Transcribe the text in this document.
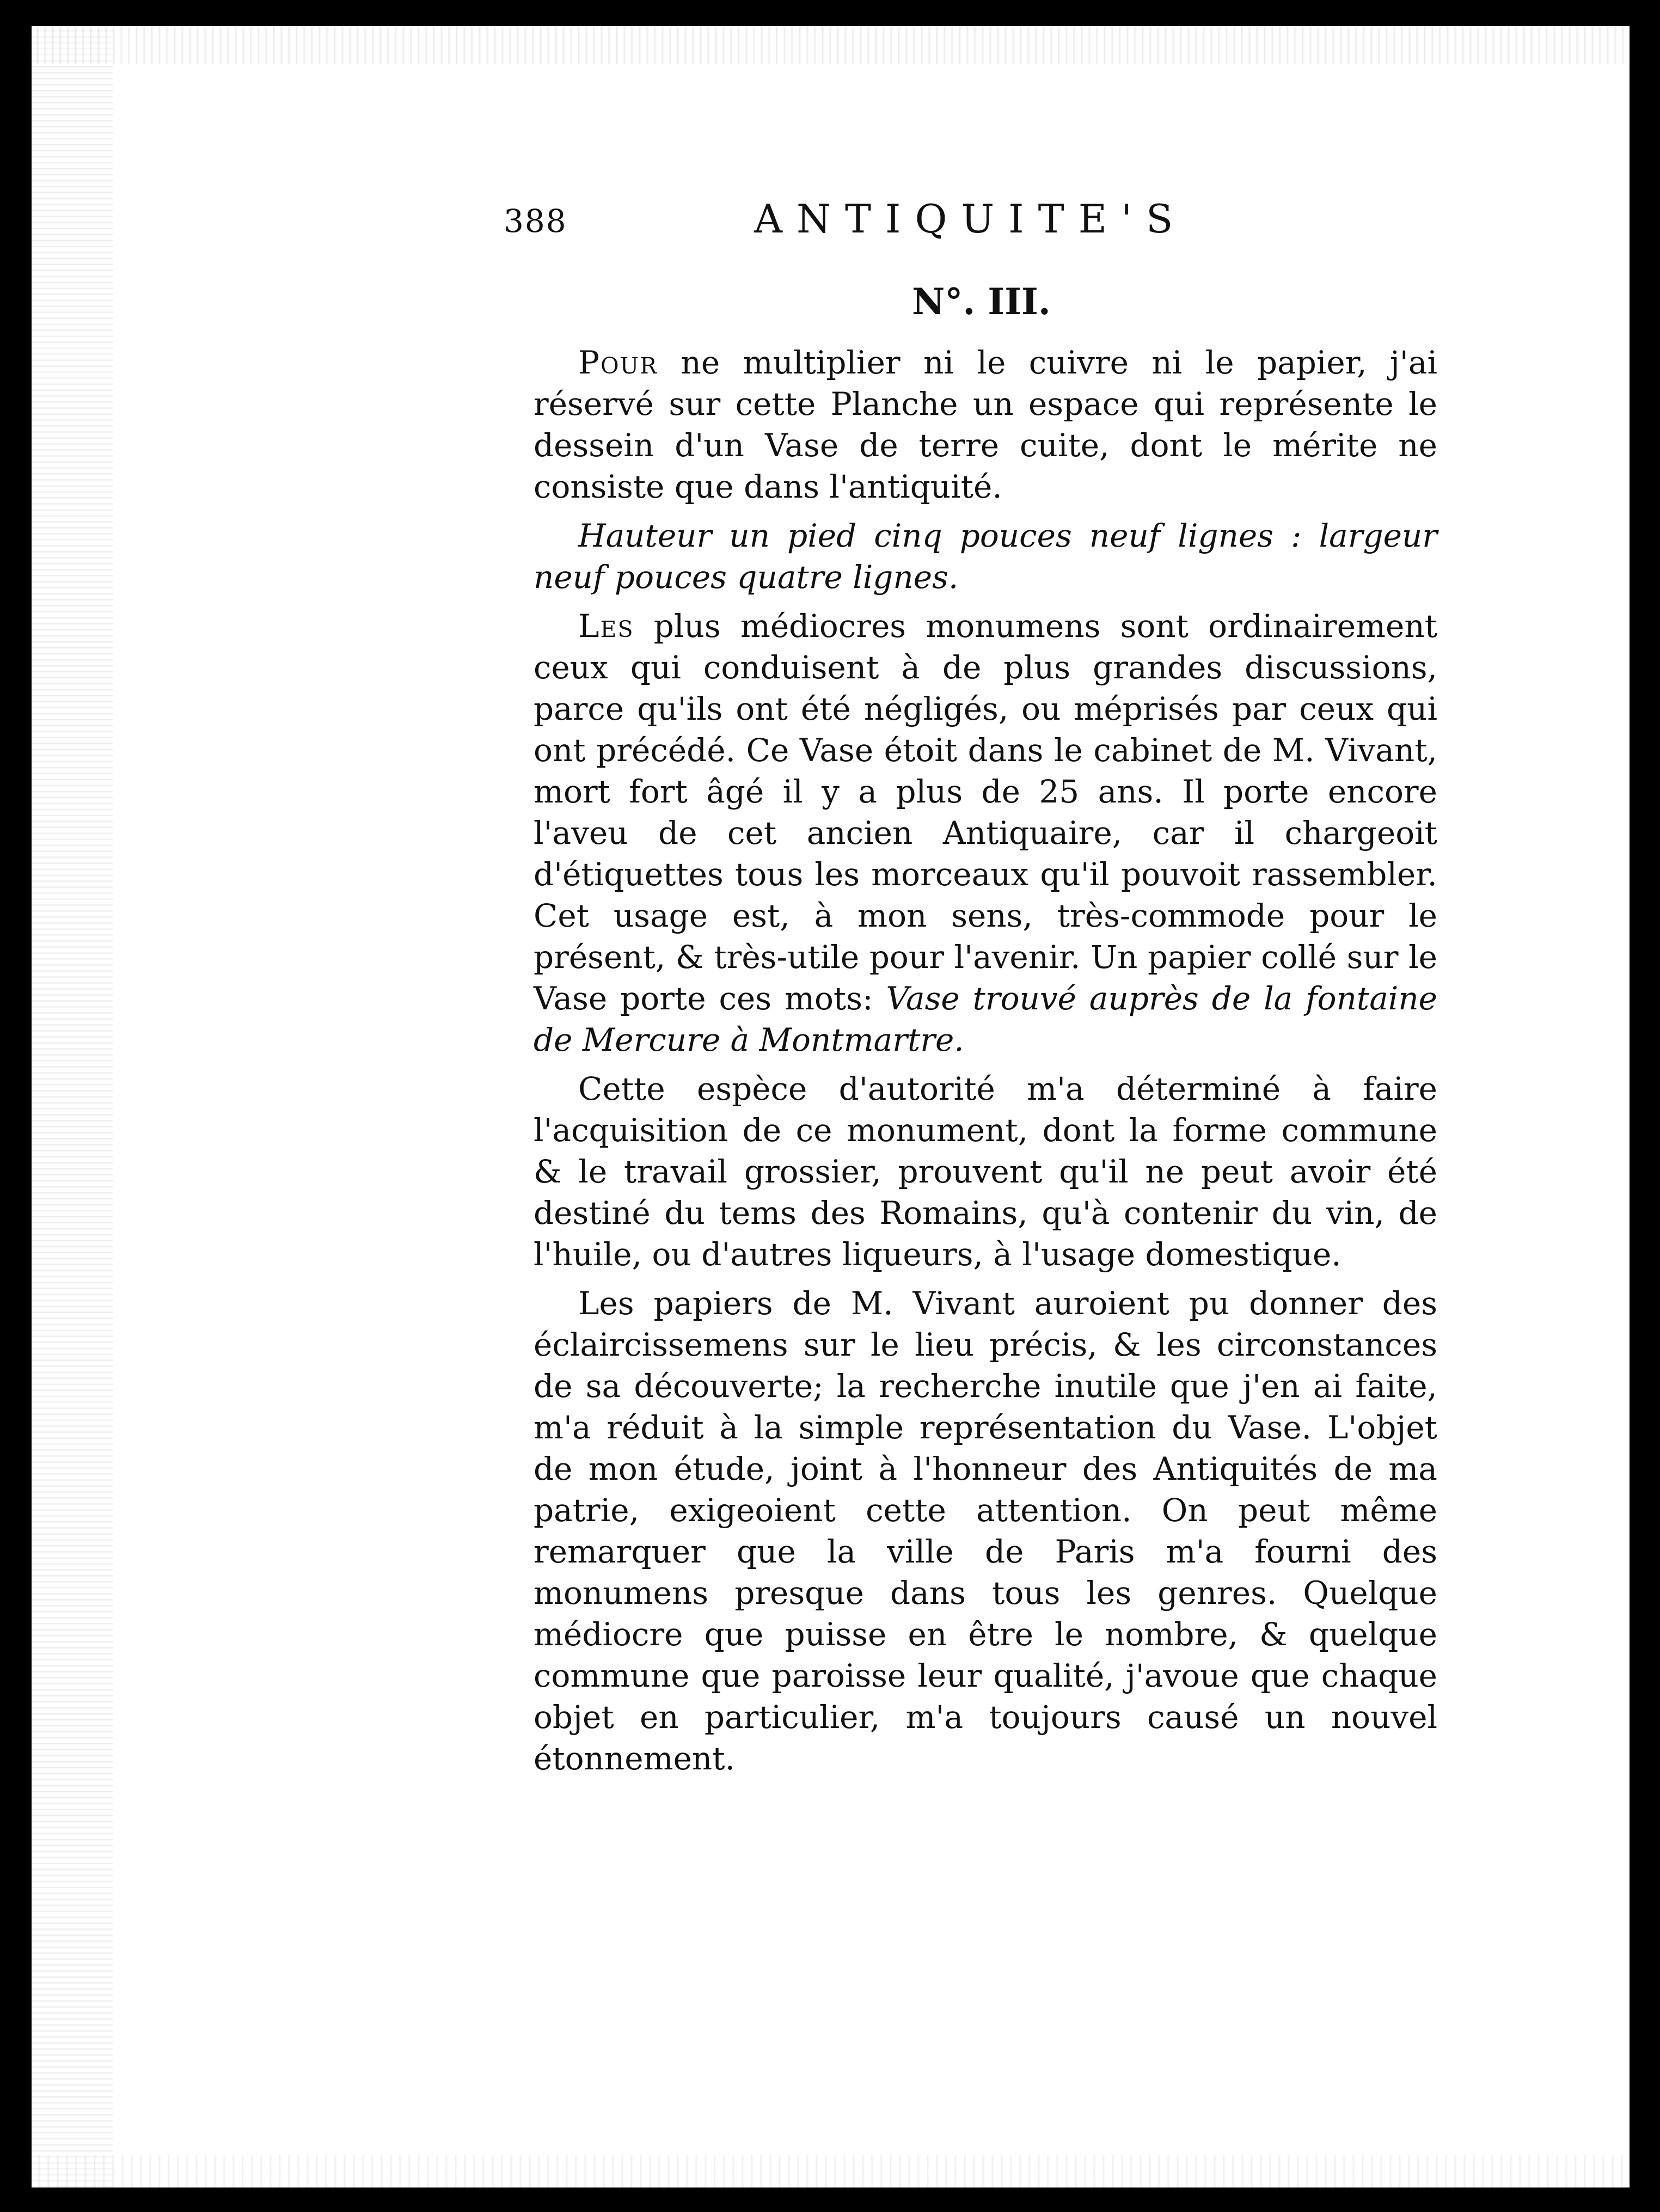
388	ANTIQUITE'S
N°. III.

Pour ne multiplier ni le cuivre ni le papier, j'ai réservé sur cette Planche un espace qui représente le dessein d'un Vase de terre cuite, dont le mérite ne consiste que dans l'antiquité.

Hauteur un pied cinq pouces neuf lignes : largeur neuf pouces quatre lignes.

Les plus médiocres monumens sont ordinairement ceux qui conduisent à de plus grandes discussions, parce qu'ils ont été négligés, ou méprisés par ceux qui ont précédé. Ce Vase étoit dans le cabinet de M. Vivant, mort fort âgé il y a plus de 25 ans. Il porte encore l'aveu de cet ancien Antiquaire, car il chargeoit d'étiquettes tous les morceaux qu'il pouvoit rassembler. Cet usage est, à mon sens, très-commode pour le présent, & très-utile pour l'avenir. Un papier collé sur le Vase porte ces mots: Vase trouvé auprès de la fontaine de Mercure à Montmartre.

Cette espèce d'autorité m'a déterminé à faire l'acquisition de ce monument, dont la forme commune & le travail grossier, prouvent qu'il ne peut avoir été destiné du tems des Romains, qu'à contenir du vin, de l'huile, ou d'autres liqueurs, à l'usage domestique.

Les papiers de M. Vivant auroient pu donner des éclaircissemens sur le lieu précis, & les circonstances de sa découverte; la recherche inutile que j'en ai faite, m'a réduit à la simple représentation du Vase. L'objet de mon étude, joint à l'honneur des Antiquités de ma patrie, exigeoient cette attention. On peut même remarquer que la ville de Paris m'a fourni des monumens presque dans tous les genres. Quelque médiocre que puisse en être le nombre, & quelque commune que paroisse leur qualité, j'avoue que chaque objet en particulier, m'a toujours causé un nouvel étonnement.
